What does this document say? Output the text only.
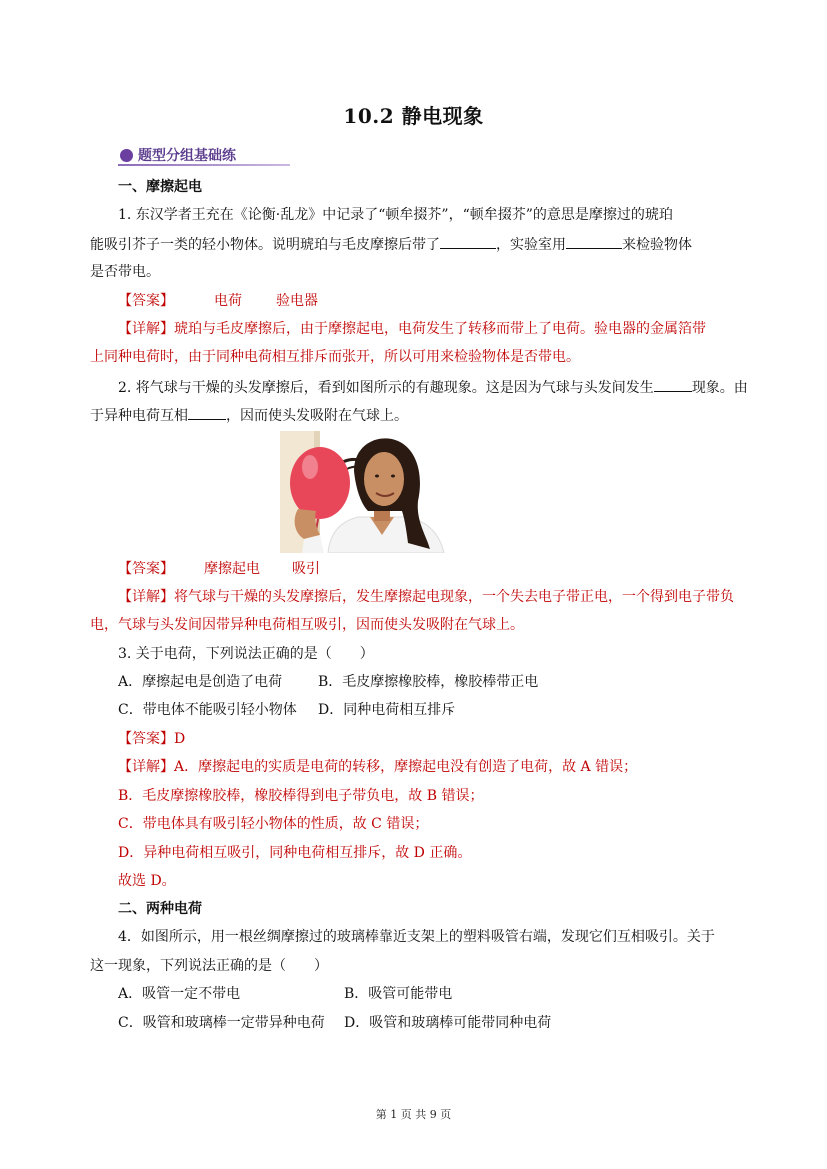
10.2 静电现象
题型分组基础练
一、摩擦起电
1. 东汉学者王充在《论衡·乱龙》中记录了“顿牟掇芥”，“顿牟掇芥”的意思是摩擦过的琥珀
能吸引芥子一类的轻小物体。说明琥珀与毛皮摩擦后带了	，实验室用	来检验物体
是否带电。
【答案】	电荷 验电器
【详解】琥珀与毛皮摩擦后，由于摩擦起电，电荷发生了转移而带上了电荷。验电器的金属箔带
上同种电荷时，由于同种电荷相互排斥而张开，所以可用来检验物体是否带电。
2. 将气球与干燥的头发摩擦后，看到如图所示的有趣现象。这是因为气球与头发间发生	现象。由
于异种电荷互相	，因而使头发吸附在气球上。
【答案】 摩擦起电 吸引
【详解】将气球与干燥的头发摩擦后，发生摩擦起电现象，一个失去电子带正电，一个得到电子带负
电，气球与头发间因带异种电荷相互吸引，因而使头发吸附在气球上。
3. 关于电荷，下列说法正确的是（　　）
A．摩擦起电是创造了电荷	B．毛皮摩擦橡胶棒，橡胶棒带正电
C．带电体不能吸引轻小物体 D．同种电荷相互排斥
【答案】D
【详解】A．摩擦起电的实质是电荷的转移，摩擦起电没有创造了电荷，故 A 错误；
B．毛皮摩擦橡胶棒，橡胶棒得到电子带负电，故 B 错误；
C．带电体具有吸引轻小物体的性质，故 C 错误；
D．异种电荷相互吸引，同种电荷相互排斥，故 D 正确。
故选 D。
二、两种电荷
4．如图所示，用一根丝绸摩擦过的玻璃棒靠近支架上的塑料吸管右端，发现它们互相吸引。关于
这一现象，下列说法正确的是（　　）
A．吸管一定不带电	B．吸管可能带电
C．吸管和玻璃棒一定带异种电荷 D．吸管和玻璃棒可能带同种电荷
第 1 页 共 9 页
